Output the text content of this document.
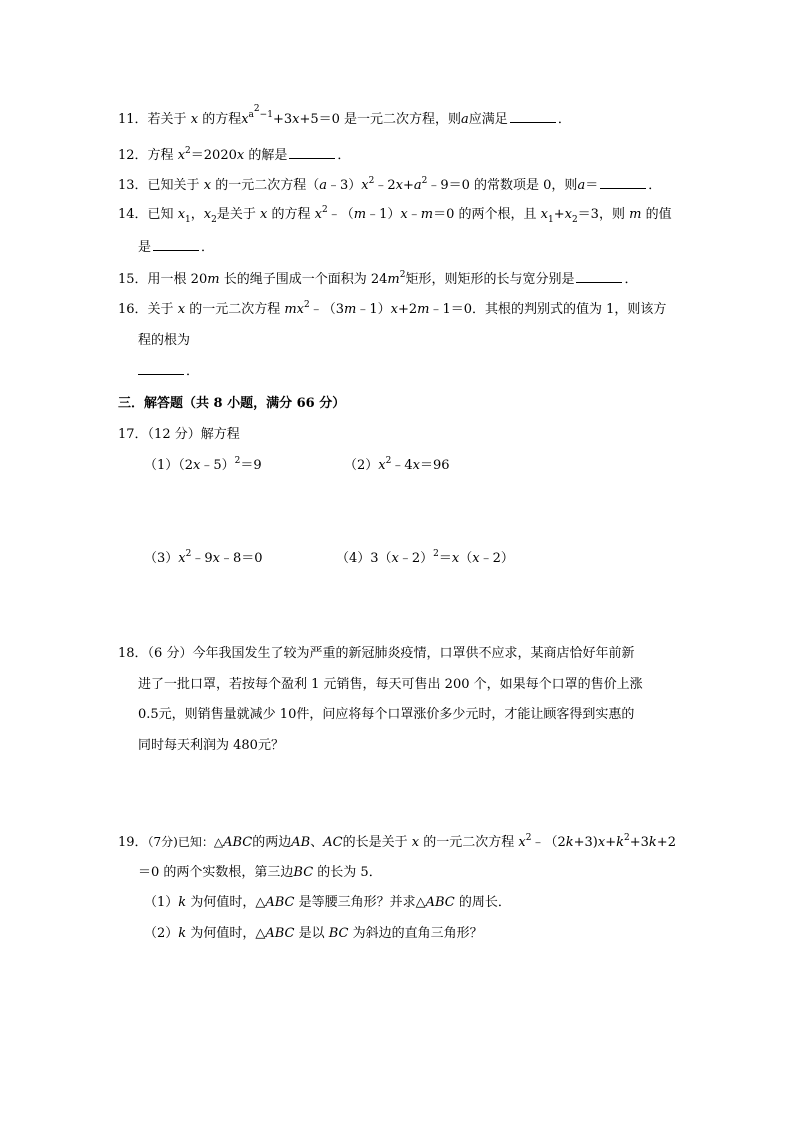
11．若关于 x 的方程$x^{a^2-1}+3x+5=0$ 是一元二次方程，则a应满足	．
12．方程 $x^2=2020x$ 的解是	．
13．已知关于 x 的一元二次方程$(a﹣3)x^2﹣2x+a^2﹣9=0$ 的常数项是 0，则a＝	．
14．已知 $x_1$，$x_2$是关于 x 的方程 $x^2﹣(m﹣1)x﹣m=0$ 的两个根，且 $x_1+x_2=3$，则 m 的值
是	．
15．用一根 20m 长的绳子围成一个面积为 $24m^2$矩形，则矩形的长与宽分别是	．
16．关于 x 的一元二次方程 $mx^2﹣(3m﹣1)x+2m﹣1=0$．其根的判别式的值为 1，则该方
程的根为
．
三．解答题（共 8 小题，满分 66 分）
17．（12 分）解方程
（1）（2x﹣5）$^2$＝9	$(2)x^2﹣4x=96$
$(3)x^2﹣9x﹣8=0$	（4）3（x﹣2）$^2$＝x（x﹣2）
18．（6 分）今年我国发生了较为严重的新冠肺炎疫情，口罩供不应求，某商店恰好年前新
进了一批口罩，若按每个盈利 1 元销售，每天可售出 200 个，如果每个口罩的售价上涨
0.5元，则销售量就减少 10件，问应将每个口罩涨价多少元时，才能让顾客得到实惠的
同时每天利润为 480元？
19．（7分)已知：△ABC的两边AB、AC的长是关于 x 的一元二次方程 $x^2﹣(2k+3)x+k^2+3k+2$
＝0 的两个实数根，第三边BC 的长为 5．
（1）k 为何值时，△ABC 是等腰三角形？并求△ABC 的周长．
（2）k 为何值时，△ABC 是以 BC 为斜边的直角三角形？
